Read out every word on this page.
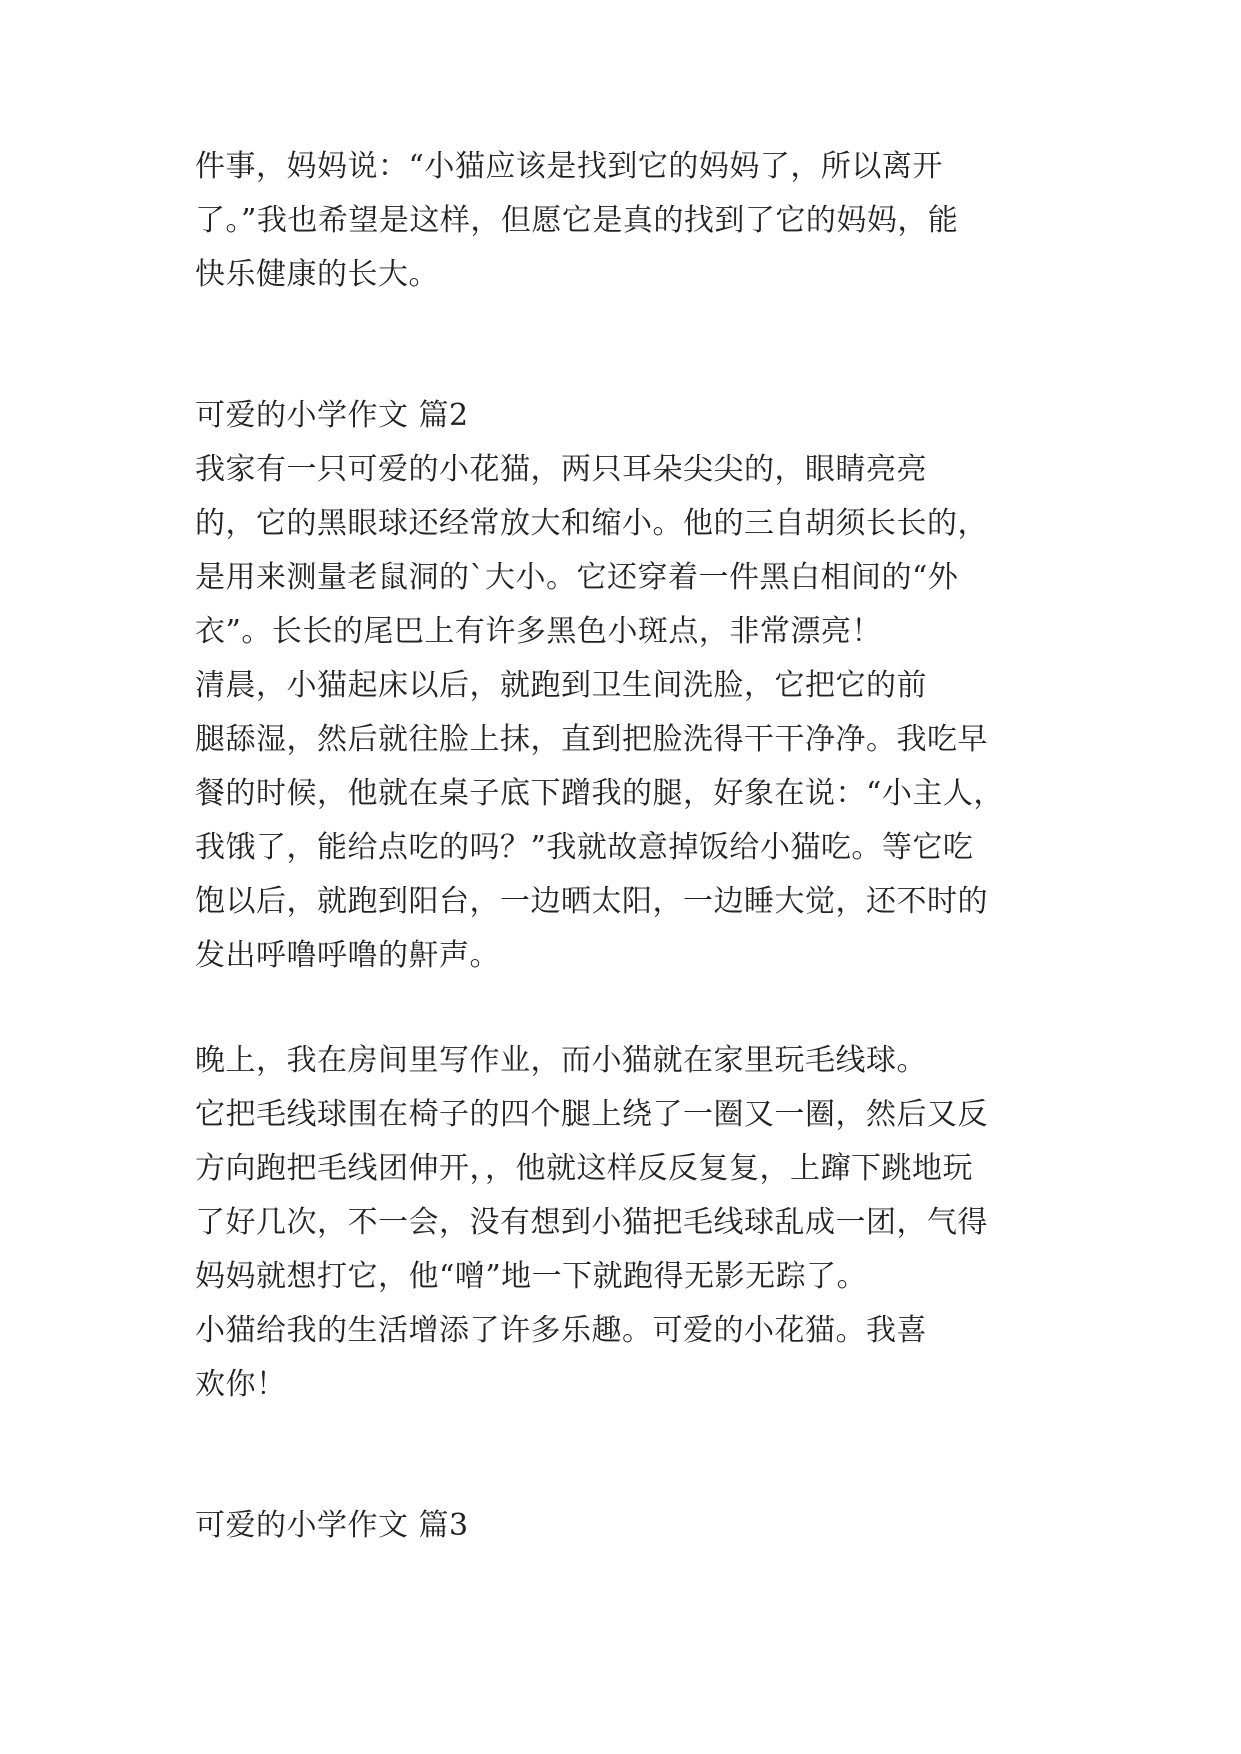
件事，妈妈说：“小猫应该是找到它的妈妈了，所以离开
了。”我也希望是这样，但愿它是真的找到了它的妈妈，能
快乐健康的长大。
可爱的小学作文 篇2
我家有一只可爱的小花猫，两只耳朵尖尖的，眼睛亮亮
的，它的黑眼球还经常放大和缩小。他的三自胡须长长的，
是用来测量老鼠洞的`大小。它还穿着一件黑白相间的“外
衣”。长长的尾巴上有许多黑色小斑点，非常漂亮！
清晨，小猫起床以后，就跑到卫生间洗脸，它把它的前
腿舔湿，然后就往脸上抹，直到把脸洗得干干净净。我吃早
餐的时候，他就在桌子底下蹭我的腿，好象在说：“小主人，
我饿了，能给点吃的吗？”我就故意掉饭给小猫吃。等它吃
饱以后，就跑到阳台，一边晒太阳，一边睡大觉，还不时的
发出呼噜呼噜的鼾声。
晚上，我在房间里写作业，而小猫就在家里玩毛线球。
它把毛线球围在椅子的四个腿上绕了一圈又一圈，然后又反
方向跑把毛线团伸开，，他就这样反反复复，上蹿下跳地玩
了好几次，不一会，没有想到小猫把毛线球乱成一团，气得
妈妈就想打它，他“噌”地一下就跑得无影无踪了。
小猫给我的生活增添了许多乐趣。可爱的小花猫。我喜
欢你！
可爱的小学作文 篇3
